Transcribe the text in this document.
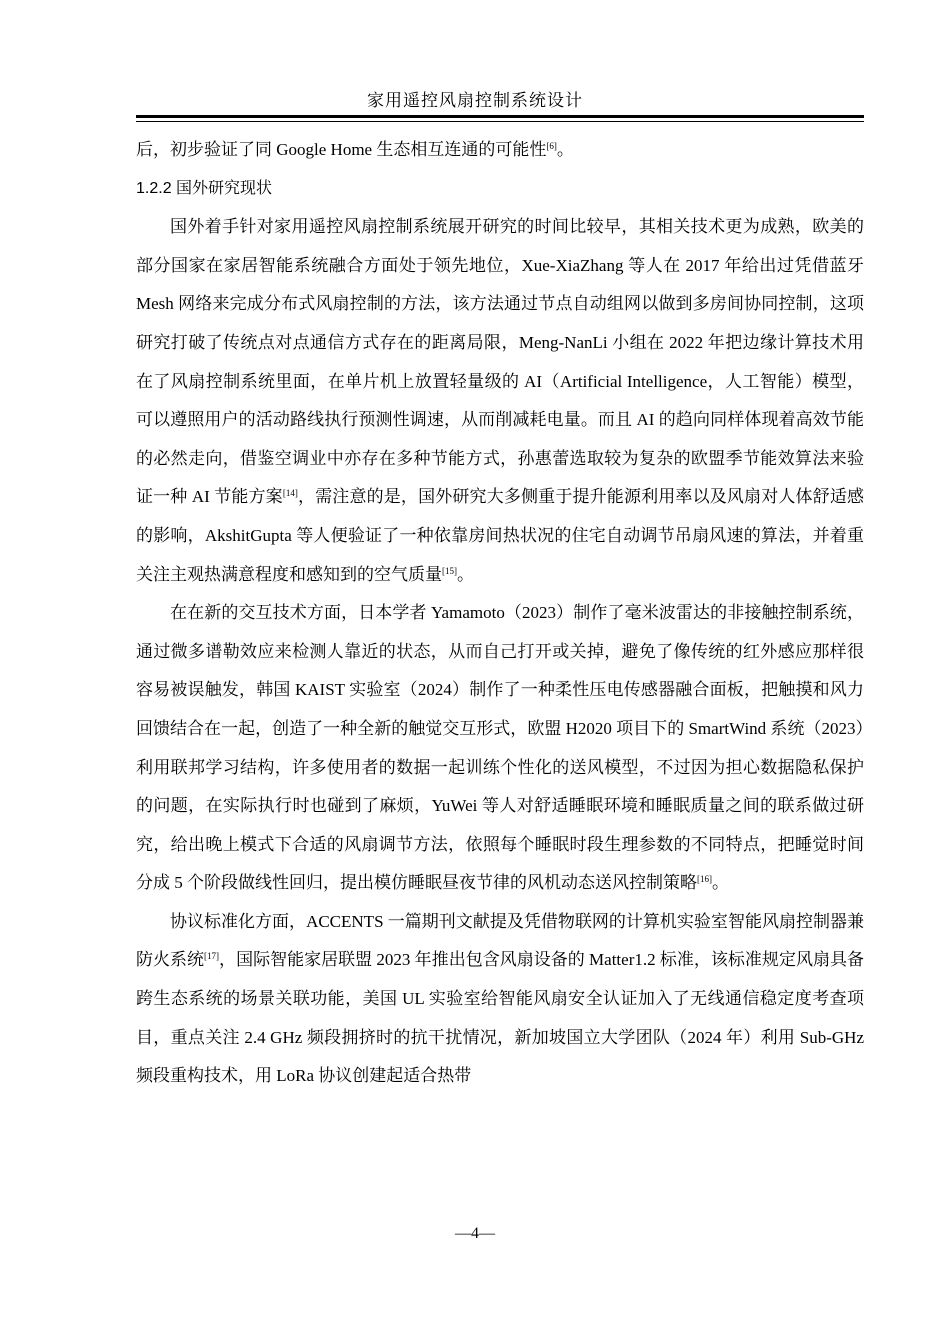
家用遥控风扇控制系统设计

后，初步验证了同 Google Home 生态相互连通的可能性[6]。

1.2.2 国外研究现状

国外着手针对家用遥控风扇控制系统展开研究的时间比较早，其相关技术更为成熟，欧美的部分国家在家居智能系统融合方面处于领先地位，Xue-XiaZhang 等人在 2017 年给出过凭借蓝牙 Mesh 网络来完成分布式风扇控制的方法，该方法通过节点自动组网以做到多房间协同控制，这项研究打破了传统点对点通信方式存在的距离局限，Meng-NanLi 小组在 2022 年把边缘计算技术用在了风扇控制系统里面，在单片机上放置轻量级的 AI（Artificial Intelligence，人工智能）模型，可以遵照用户的活动路线执行预测性调速，从而削减耗电量。而且 AI 的趋向同样体现着高效节能的必然走向，借鉴空调业中亦存在多种节能方式，孙惠蕾选取较为复杂的欧盟季节能效算法来验证一种 AI 节能方案[14]，需注意的是，国外研究大多侧重于提升能源利用率以及风扇对人体舒适感的影响，AkshitGupta 等人便验证了一种依靠房间热状况的住宅自动调节吊扇风速的算法，并着重关注主观热满意程度和感知到的空气质量[15]。

在在新的交互技术方面，日本学者 Yamamoto（2023）制作了毫米波雷达的非接触控制系统，通过微多谱勒效应来检测人靠近的状态，从而自己打开或关掉，避免了像传统的红外感应那样很容易被误触发，韩国 KAIST 实验室（2024）制作了一种柔性压电传感器融合面板，把触摸和风力回馈结合在一起，创造了一种全新的触觉交互形式，欧盟 H2020 项目下的 SmartWind 系统（2023）利用联邦学习结构，许多使用者的数据一起训练个性化的送风模型，不过因为担心数据隐私保护的问题，在实际执行时也碰到了麻烦，YuWei 等人对舒适睡眠环境和睡眠质量之间的联系做过研究，给出晚上模式下合适的风扇调节方法，依照每个睡眠时段生理参数的不同特点，把睡觉时间分成 5 个阶段做线性回归，提出模仿睡眠昼夜节律的风机动态送风控制策略[16]。

协议标准化方面，ACCENTS 一篇期刊文献提及凭借物联网的计算机实验室智能风扇控制器兼防火系统[17]，国际智能家居联盟 2023 年推出包含风扇设备的 Matter1.2 标准，该标准规定风扇具备跨生态系统的场景关联功能，美国 UL 实验室给智能风扇安全认证加入了无线通信稳定度考查项目，重点关注 2.4 GHz 频段拥挤时的抗干扰情况，新加坡国立大学团队（2024 年）利用 Sub-GHz 频段重构技术，用 LoRa 协议创建起适合热带

—4—
